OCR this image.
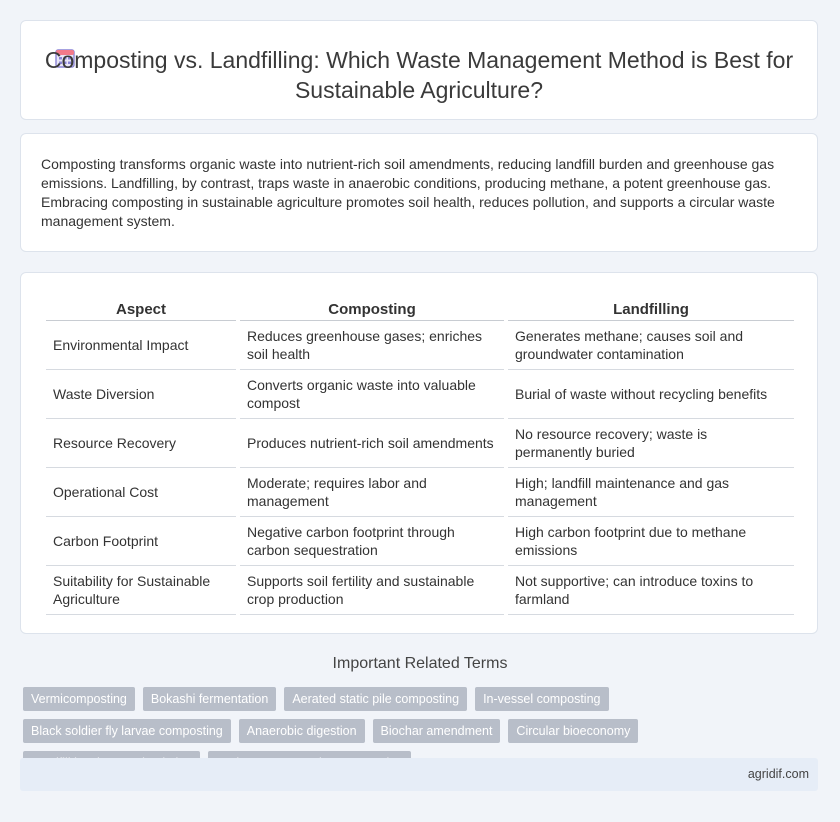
Composting vs. Landfilling: Which Waste Management Method is Best for Sustainable Agriculture?
Composting transforms organic waste into nutrient-rich soil amendments, reducing landfill burden and greenhouse gas emissions. Landfilling, by contrast, traps waste in anaerobic conditions, producing methane, a potent greenhouse gas. Embracing composting in sustainable agriculture promotes soil health, reduces pollution, and supports a circular waste management system.
Aspect	Composting	Landfilling
Environmental Impact	Reduces greenhouse gases; enriches soil health	Generates methane; causes soil and groundwater contamination
Waste Diversion	Converts organic waste into valuable compost	Burial of waste without recycling benefits
Resource Recovery	Produces nutrient-rich soil amendments	No resource recovery; waste is permanently buried
Operational Cost	Moderate; requires labor and management	High; landfill maintenance and gas management
Carbon Footprint	Negative carbon footprint through carbon sequestration	High carbon footprint due to methane emissions
Suitability for Sustainable Agriculture	Supports soil fertility and sustainable crop production	Not supportive; can introduce toxins to farmland
Important Related Terms
Vermicomposting	Bokashi fermentation	Aerated static pile composting	In-vessel composting
Black soldier fly larvae composting	Anaerobic digestion	Biochar amendment	Circular bioeconomy
agridif.com
